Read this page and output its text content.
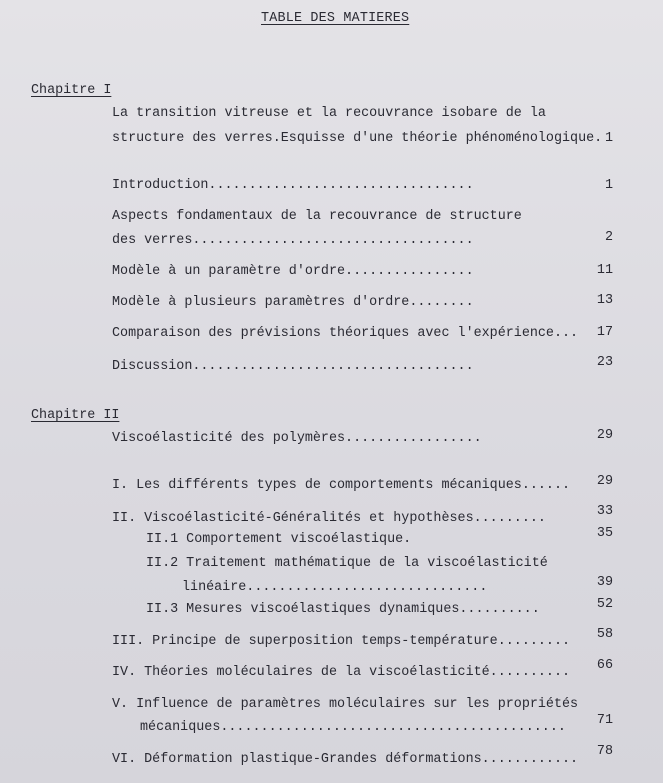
TABLE DES MATIERES
Chapitre I
La transition vitreuse et la recouvrance isobare de la
structure des verres.Esquisse d'une théorie phénoménologique. 1
Introduction.................................	1
Aspects fondamentaux de la recouvrance de structure
des verres...................................	2
Modèle à un paramètre d'ordre................	11
Modèle à plusieurs paramètres d'ordre........	13
Comparaison des prévisions théoriques avec l'expérience...	17
Discussion...................................	23
Chapitre II
Viscoélasticité des polymères.................	29
I. Les différents types de comportements mécaniques......	29
II. Viscoélasticité-Généralités et hypothèses.........	33
II.1 Comportement viscoélastique.	35
II.2 Traitement mathématique de la viscoélasticité
linéaire..............................	39
II.3 Mesures viscoélastiques dynamiques..........	52
III. Principe de superposition temps-température.........	58
IV. Théories moléculaires de la viscoélasticité..........	66
V. Influence de paramètres moléculaires sur les propriétés
mécaniques...........................................	71
VI. Déformation plastique-Grandes déformations............
78
